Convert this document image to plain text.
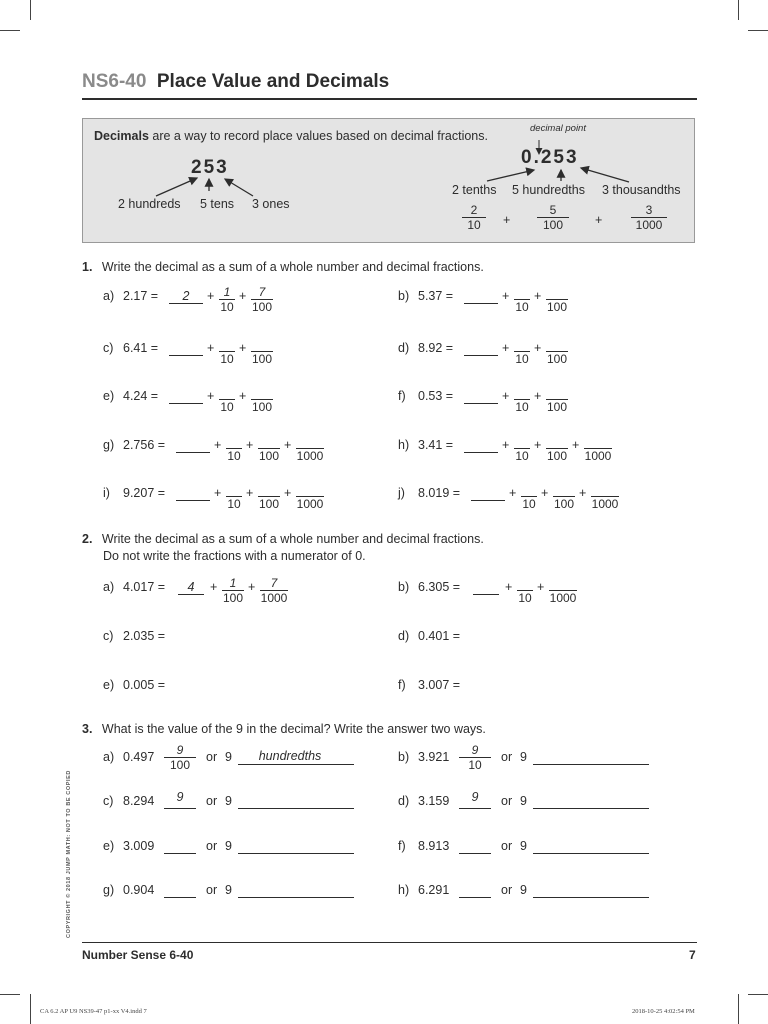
NS6-40 Place Value and Decimals
Decimals are a way to record place values based on decimal fractions.
253
2 hundreds 5 tens 3 ones
decimal point
0.253
2 tenths 5 hundredths 3 thousandths
2
10	+
5
100	+
3
1000
1. Write the decimal as a sum of a whole number and decimal fractions.
a) 2.17 =	2	+ 1
10
+	7
100
b) 5.37 =	+
10
+
100
c) 6.41 =	+
10
+
100
d) 8.92 =	+
10
+
100
e) 4.24 =	+
10
+
100
f) 0.53 =	+
10
+
100
g) 2.756 =	+
10
+
100
+
1000
h) 3.41 =	+
10
+
100
+
1000
i) 9.207 =	+
10
+
100
+
1000
j) 8.019 =	+
10
+
100
+
1000
2. Write the decimal as a sum of a whole number and decimal fractions.
Do not write the fractions with a numerator of 0.
a) 4.017 =	4	+	1
100
+	7
1000
b) 6.305 =	+
10
+
1000
c) 2.035 =	d) 0.401 =
e) 0.005 =	f) 3.007 =
3. What is the value of the 9 in the decimal? Write the answer two ways.
a) 0.497	9
100
or 9	hundredths	b) 3.921	9
10
or 9
c) 8.294	9	or 9	d) 3.159	9	or 9
e) 3.009	or 9	f) 8.913	or 9
g) 0.904	or 9	h) 6.291	or 9
COPYRIGHT © 2018 JUMP MATH: NOT TO BE COPIED
Number Sense 6-40	7
CA 6.2 AP U9 NS39-47 p1-xx V4.indd 7	2018-10-25 4:02:54 PM
